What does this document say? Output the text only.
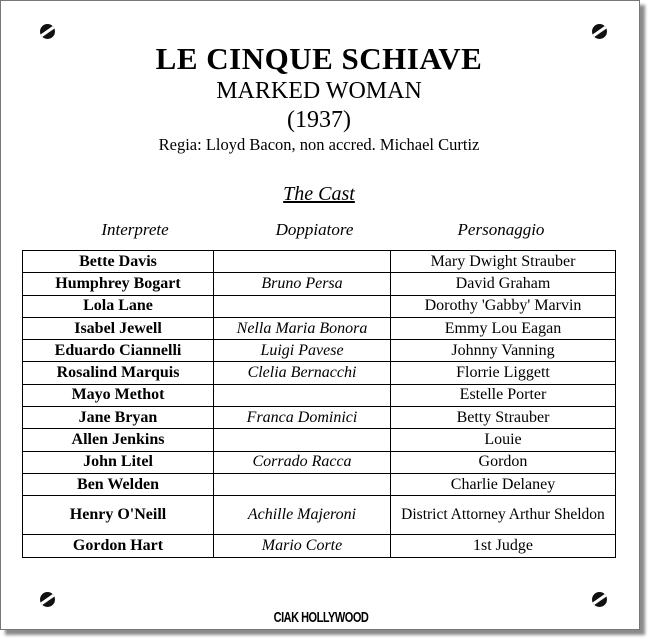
LE CINQUE SCHIAVE
MARKED WOMAN
(1937)
Regia: Lloyd Bacon, non accred. Michael Curtiz
The Cast
Interprete	Doppiatore	Personaggio
Bette Davis		Mary Dwight Strauber
Humphrey Bogart	Bruno Persa	David Graham
Lola Lane		Dorothy 'Gabby' Marvin
Isabel Jewell	Nella Maria Bonora	Emmy Lou Eagan
Eduardo Ciannelli	Luigi Pavese	Johnny Vanning
Rosalind Marquis	Clelia Bernacchi	Florrie Liggett
Mayo Methot		Estelle Porter
Jane Bryan	Franca Dominici	Betty Strauber
Allen Jenkins		Louie
John Litel	Corrado Racca	Gordon
Ben Welden		Charlie Delaney
Henry O'Neill	Achille Majeroni	District Attorney Arthur Sheldon
Gordon Hart	Mario Corte	1st Judge
CIAK HOLLYWOOD
